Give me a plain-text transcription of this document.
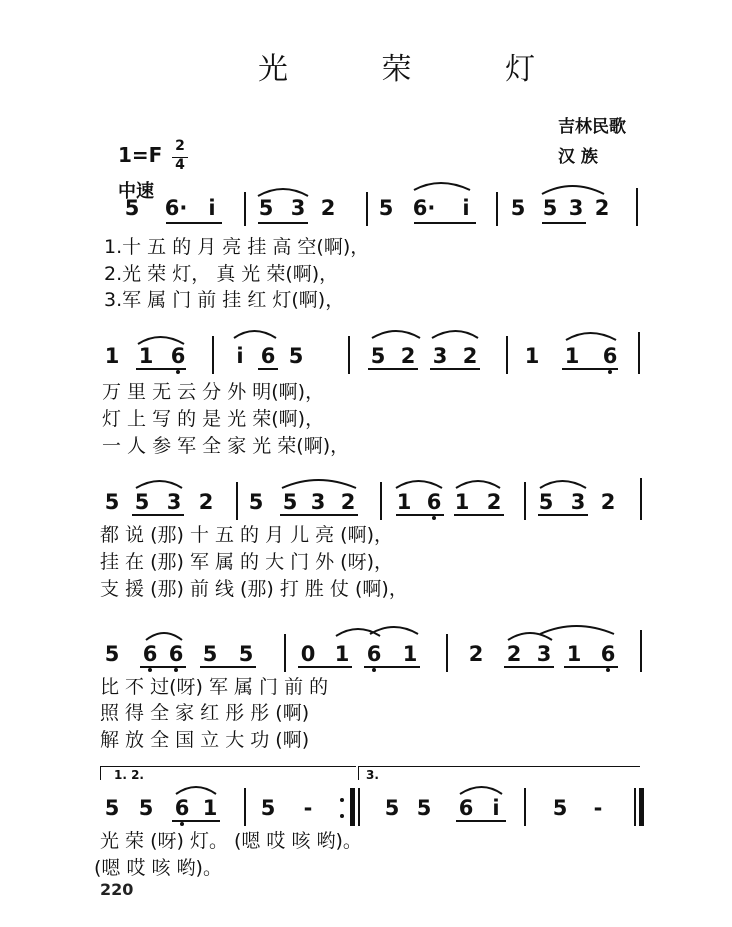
光 荣 灯
吉林民歌
汉 族
1=F 2
4
中速
5 6· i 5 3 2 5 6· i 5 5 3 2
1.十 五 的 月 亮 挂 高 空(啊)，
2.光 荣 灯， 真 光 荣(啊)，
3.军 属 门 前 挂 红 灯(啊)，
1 1 6 i 6 5	5 2 3 2 1 1 6
万 里 无 云 分 外 明(啊)，
灯 上 写 的 是 光 荣(啊)，
一 人 参 军 全 家 光 荣(啊)，
5 5 3 2 5 5 3 2 1 6 1 2 5 3 2
都 说 (那) 十 五 的 月 儿 亮 (啊)，
挂 在 (那) 军 属 的 大 门 外 (呀)，
支 援 (那) 前 线 (那) 打 胜 仗 (啊)，
5 6 6 5 5 0 1 6 1 2 2 3 1 6
比 不 过(呀) 军 属 门 前 的
照 得 全 家 红 彤 彤 (啊)
解 放 全 国 立 大 功 (啊)
1. 2.	3.
5 5 6 1 5 -	5 5 6 i	5 -
光 荣 (呀) 灯。 (嗯 哎 咳 哟)。
(嗯 哎 咳 哟)。
220
